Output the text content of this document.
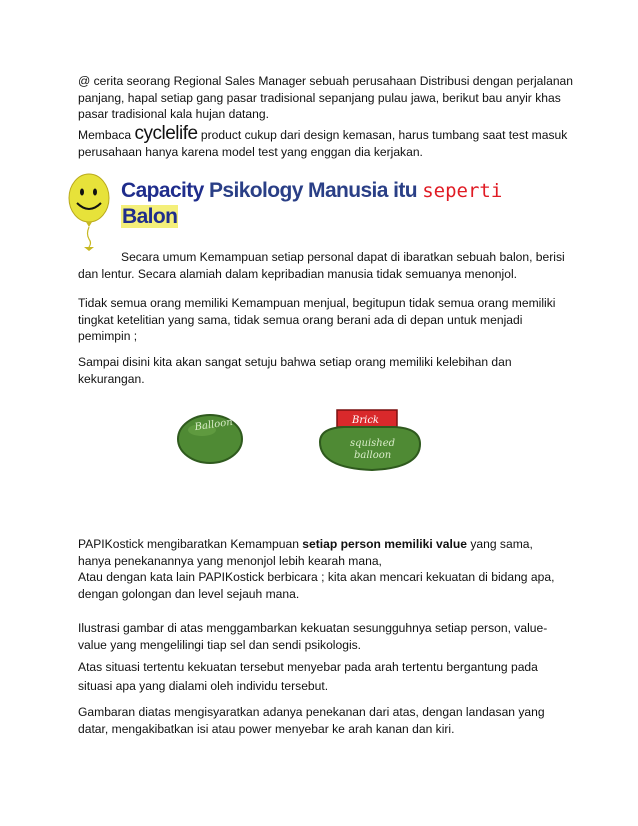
@ cerita seorang Regional Sales Manager sebuah perusahaan Distribusi dengan perjalanan
panjang, hapal setiap gang pasar tradisional sepanjang pulau jawa, berikut bau anyir khas
pasar tradisional kala hujan datang.
Membaca cyclelife product cukup dari design kemasan, harus tumbang saat test masuk
perusahaan hanya karena model test yang enggan dia kerjakan.
Capacity Psikology Manusia itu seperti
Balon
Secara umum Kemampuan setiap personal dapat di ibaratkan sebuah balon, berisi
dan lentur. Secara alamiah dalam kepribadian manusia tidak semuanya menonjol.
Tidak semua orang memiliki Kemampuan menjual, begitupun tidak semua orang memiliki
tingkat ketelitian yang sama, tidak semua orang berani ada di depan untuk menjadi
pemimpin ;
Sampai disini kita akan sangat setuju bahwa setiap orang memiliki kelebihan dan
kekurangan.
Balloon	Brick
squished
balloon
PAPIKostick mengibaratkan Kemampuan setiap person memiliki value yang sama,
hanya penekanannya yang menonjol lebih kearah mana,
Atau dengan kata lain PAPIKostick berbicara ; kita akan mencari kekuatan di bidang apa,
dengan golongan dan level sejauh mana.
Ilustrasi gambar di atas menggambarkan kekuatan sesungguhnya setiap person, value-
value yang mengelilingi tiap sel dan sendi psikologis.
Atas situasi tertentu kekuatan tersebut menyebar pada arah tertentu bergantung pada
situasi apa yang dialami oleh individu tersebut.
Gambaran diatas mengisyaratkan adanya penekanan dari atas, dengan landasan yang
datar, mengakibatkan isi atau power menyebar ke arah kanan dan kiri.
